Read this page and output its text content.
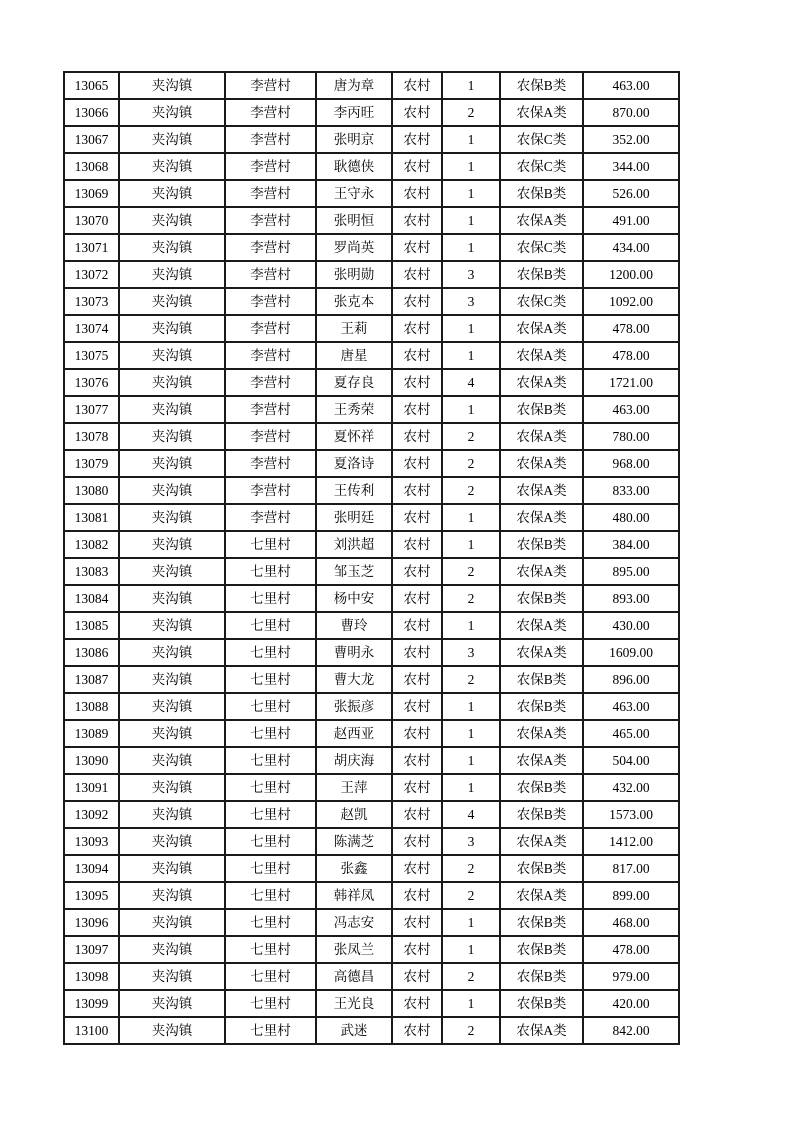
13065	夹沟镇	李营村	唐为章	农村	1	农保B类	463.00
13066	夹沟镇	李营村	李丙旺	农村	2	农保A类	870.00
13067	夹沟镇	李营村	张明京	农村	1	农保C类	352.00
13068	夹沟镇	李营村	耿德侠	农村	1	农保C类	344.00
13069	夹沟镇	李营村	王守永	农村	1	农保B类	526.00
13070	夹沟镇	李营村	张明恒	农村	1	农保A类	491.00
13071	夹沟镇	李营村	罗尚英	农村	1	农保C类	434.00
13072	夹沟镇	李营村	张明勋	农村	3	农保B类	1200.00
13073	夹沟镇	李营村	张克本	农村	3	农保C类	1092.00
13074	夹沟镇	李营村	王莉	农村	1	农保A类	478.00
13075	夹沟镇	李营村	唐星	农村	1	农保A类	478.00
13076	夹沟镇	李营村	夏存良	农村	4	农保A类	1721.00
13077	夹沟镇	李营村	王秀荣	农村	1	农保B类	463.00
13078	夹沟镇	李营村	夏怀祥	农村	2	农保A类	780.00
13079	夹沟镇	李营村	夏洛诗	农村	2	农保A类	968.00
13080	夹沟镇	李营村	王传利	农村	2	农保A类	833.00
13081	夹沟镇	李营村	张明廷	农村	1	农保A类	480.00
13082	夹沟镇	七里村	刘洪超	农村	1	农保B类	384.00
13083	夹沟镇	七里村	邹玉芝	农村	2	农保A类	895.00
13084	夹沟镇	七里村	杨中安	农村	2	农保B类	893.00
13085	夹沟镇	七里村	曹玲	农村	1	农保A类	430.00
13086	夹沟镇	七里村	曹明永	农村	3	农保A类	1609.00
13087	夹沟镇	七里村	曹大龙	农村	2	农保B类	896.00
13088	夹沟镇	七里村	张振彦	农村	1	农保B类	463.00
13089	夹沟镇	七里村	赵西亚	农村	1	农保A类	465.00
13090	夹沟镇	七里村	胡庆海	农村	1	农保A类	504.00
13091	夹沟镇	七里村	王萍	农村	1	农保B类	432.00
13092	夹沟镇	七里村	赵凯	农村	4	农保B类	1573.00
13093	夹沟镇	七里村	陈满芝	农村	3	农保A类	1412.00
13094	夹沟镇	七里村	张鑫	农村	2	农保B类	817.00
13095	夹沟镇	七里村	韩祥凤	农村	2	农保A类	899.00
13096	夹沟镇	七里村	冯志安	农村	1	农保B类	468.00
13097	夹沟镇	七里村	张凤兰	农村	1	农保B类	478.00
13098	夹沟镇	七里村	高德昌	农村	2	农保B类	979.00
13099	夹沟镇	七里村	王光良	农村	1	农保B类	420.00
13100	夹沟镇	七里村	武迷	农村	2	农保A类	842.00
